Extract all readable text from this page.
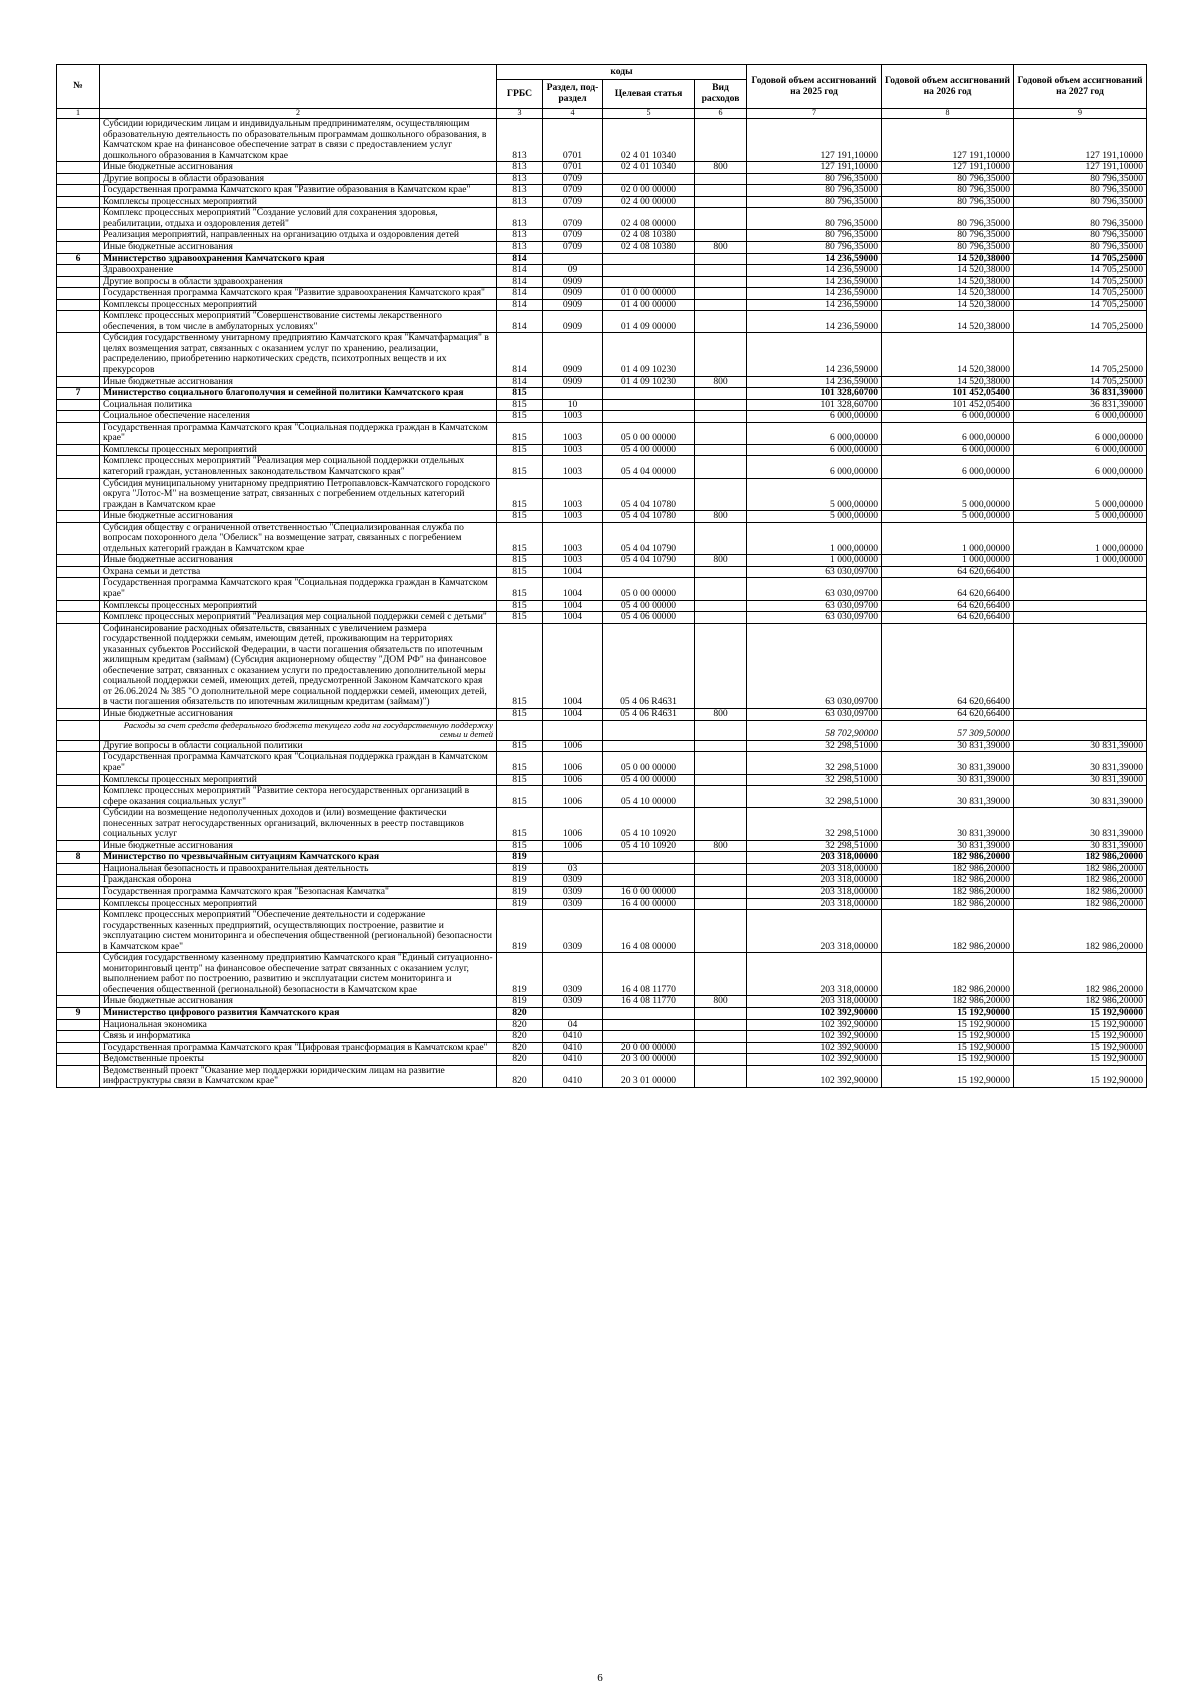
№		коды				Годовой объем ассигнований на 2025 год	Годовой объем ассигнований на 2026 год	Годовой объем ассигнований на 2027 год
		ГРБС	Раздел, под-раздел	Целевая статья	Вид расходов			
1	2	3	4	5	6	7	8	9
	Субсидии юридическим лицам и индивидуальным предпринимателям, осуществляющим образовательную деятельность по образовательным программам дошкольного образования, в Камчатском крае на финансовое обеспечение затрат в связи с предоставлением услуг дошкольного образования в Камчатском крае	813	0701	02 4 01 10340		127 191,10000	127 191,10000	127 191,10000
	Иные бюджетные ассигнования	813	0701	02 4 01 10340	800	127 191,10000	127 191,10000	127 191,10000
	Другие вопросы в области образования	813	0709			80 796,35000	80 796,35000	80 796,35000
	Государственная программа Камчатского края "Развитие образования в Камчатском крае"	813	0709	02 0 00 00000		80 796,35000	80 796,35000	80 796,35000
	Комплексы процессных мероприятий	813	0709	02 4 00 00000		80 796,35000	80 796,35000	80 796,35000
	Комплекс процессных мероприятий "Создание условий для сохранения здоровья, реабилитации, отдыха и оздоровления детей"	813	0709	02 4 08 00000		80 796,35000	80 796,35000	80 796,35000
	Реализация мероприятий, направленных на организацию отдыха и оздоровления детей	813	0709	02 4 08 10380		80 796,35000	80 796,35000	80 796,35000
	Иные бюджетные ассигнования	813	0709	02 4 08 10380	800	80 796,35000	80 796,35000	80 796,35000
6	Министерство здравоохранения Камчатского края	814				14 236,59000	14 520,38000	14 705,25000
	Здравоохранение	814	09			14 236,59000	14 520,38000	14 705,25000
	Другие вопросы в области здравоохранения	814	0909			14 236,59000	14 520,38000	14 705,25000
	Государственная программа Камчатского края "Развитие здравоохранения Камчатского края"	814	0909	01 0 00 00000		14 236,59000	14 520,38000	14 705,25000
	Комплексы процессных мероприятий	814	0909	01 4 00 00000		14 236,59000	14 520,38000	14 705,25000
	Комплекс процессных мероприятий "Совершенствование системы лекарственного обеспечения, в том числе в амбулаторных условиях"	814	0909	01 4 09 00000		14 236,59000	14 520,38000	14 705,25000
	Субсидия государственному унитарному предприятию Камчатского края "Камчатфармация" в целях возмещения затрат, связанных с оказанием услуг по хранению, реализации, распределению, приобретению наркотических средств, психотропных веществ и их прекурсоров	814	0909	01 4 09 10230		14 236,59000	14 520,38000	14 705,25000
	Иные бюджетные ассигнования	814	0909	01 4 09 10230	800	14 236,59000	14 520,38000	14 705,25000
7	Министерство социального благополучия и семейной политики Камчатского края	815				101 328,60700	101 452,05400	36 831,39000
	Социальная политика	815	10			101 328,60700	101 452,05400	36 831,39000
	Социальное обеспечение населения	815	1003			6 000,00000	6 000,00000	6 000,00000
	Государственная программа Камчатского края "Социальная поддержка граждан в Камчатском крае"	815	1003	05 0 00 00000		6 000,00000	6 000,00000	6 000,00000
	Комплексы процессных мероприятий	815	1003	05 4 00 00000		6 000,00000	6 000,00000	6 000,00000
	Комплекс процессных мероприятий "Реализация мер социальной поддержки отдельных категорий граждан, установленных законодательством Камчатского края"	815	1003	05 4 04 00000		6 000,00000	6 000,00000	6 000,00000
	Субсидия муниципальному унитарному предприятию Петропавловск-Камчатского городского округа "Лотос-М" на возмещение затрат, связанных с погребением отдельных категорий граждан в Камчатском крае	815	1003	05 4 04 10780		5 000,00000	5 000,00000	5 000,00000
	Иные бюджетные ассигнования	815	1003	05 4 04 10780	800	5 000,00000	5 000,00000	5 000,00000
	Субсидия обществу с ограниченной ответственностью "Специализированная служба по вопросам похоронного дела "Обелиск" на возмещение затрат, связанных с погребением отдельных категорий граждан в Камчатском крае	815	1003	05 4 04 10790		1 000,00000	1 000,00000	1 000,00000
	Иные бюджетные ассигнования	815	1003	05 4 04 10790	800	1 000,00000	1 000,00000	1 000,00000
	Охрана семьи и детства	815	1004			63 030,09700	64 620,66400	
	Государственная программа Камчатского края "Социальная поддержка граждан в Камчатском крае"	815	1004	05 0 00 00000		63 030,09700	64 620,66400	
	Комплексы процессных мероприятий	815	1004	05 4 00 00000		63 030,09700	64 620,66400	
	Комплекс процессных мероприятий "Реализация мер социальной поддержки семей с детьми"	815	1004	05 4 06 00000		63 030,09700	64 620,66400	
	Софинансирование расходных обязательств, связанных с увеличением размера государственной поддержки семьям, имеющим детей, проживающим на территориях указанных субъектов Российской Федерации, в части погашения обязательств по ипотечным жилищным кредитам (займам) (Субсидия акционерному обществу "ДОМ РФ" на финансовое обеспечение затрат, связанных с оказанием услуги по предоставлению дополнительной меры социальной поддержки семей, имеющих детей, предусмотренной Законом Камчатского края от 26.06.2024 № 385 "О дополнительной мере социальной поддержки семей, имеющих детей, в части погашения обязательств по ипотечным жилищным кредитам (займам)")	815	1004	05 4 06 R4631		63 030,09700	64 620,66400	
	Иные бюджетные ассигнования	815	1004	05 4 06 R4631	800	63 030,09700	64 620,66400	
	Расходы за счет средств федерального бюджета текущего года на государственную поддержку семьи и детей					58 702,90000	57 309,50000	
	Другие вопросы в области социальной политики	815	1006			32 298,51000	30 831,39000	30 831,39000
	Государственная программа Камчатского края "Социальная поддержка граждан в Камчатском крае"	815	1006	05 0 00 00000		32 298,51000	30 831,39000	30 831,39000
	Комплексы процессных мероприятий	815	1006	05 4 00 00000		32 298,51000	30 831,39000	30 831,39000
	Комплекс процессных мероприятий "Развитие сектора негосударственных организаций в сфере оказания социальных услуг"	815	1006	05 4 10 00000		32 298,51000	30 831,39000	30 831,39000
	Субсидии на возмещение недополученных доходов и (или) возмещение фактически понесенных затрат негосударственных организаций, включенных в реестр поставщиков социальных услуг	815	1006	05 4 10 10920		32 298,51000	30 831,39000	30 831,39000
	Иные бюджетные ассигнования	815	1006	05 4 10 10920	800	32 298,51000	30 831,39000	30 831,39000
8	Министерство по чрезвычайным ситуациям Камчатского края	819				203 318,00000	182 986,20000	182 986,20000
	Национальная безопасность и правоохранительная деятельность	819	03			203 318,00000	182 986,20000	182 986,20000
	Гражданская оборона	819	0309			203 318,00000	182 986,20000	182 986,20000
	Государственная программа Камчатского края "Безопасная Камчатка"	819	0309	16 0 00 00000		203 318,00000	182 986,20000	182 986,20000
	Комплексы процессных мероприятий	819	0309	16 4 00 00000		203 318,00000	182 986,20000	182 986,20000
	Комплекс процессных мероприятий "Обеспечение деятельности и содержание государственных казенных предприятий, осуществляющих построение, развитие и эксплуатацию систем мониторинга и обеспечения общественной (региональной) безопасности в Камчатском крае"	819	0309	16 4 08 00000		203 318,00000	182 986,20000	182 986,20000
	Субсидия государственному казенному предприятию Камчатского края "Единый ситуационно-мониторинговый центр" на финансовое обеспечение затрат связанных с оказанием услуг, выполнением работ по построению, развитию и эксплуатации систем мониторинга и обеспечения общественной (региональной) безопасности в Камчатском крае	819	0309	16 4 08 11770		203 318,00000	182 986,20000	182 986,20000
	Иные бюджетные ассигнования	819	0309	16 4 08 11770	800	203 318,00000	182 986,20000	182 986,20000
9	Министерство цифрового развития Камчатского края	820				102 392,90000	15 192,90000	15 192,90000
	Национальная экономика	820	04			102 392,90000	15 192,90000	15 192,90000
	Связь и информатика	820	0410			102 392,90000	15 192,90000	15 192,90000
	Государственная программа Камчатского края "Цифровая трансформация в Камчатском крае"	820	0410	20 0 00 00000		102 392,90000	15 192,90000	15 192,90000
	Ведомственные проекты	820	0410	20 3 00 00000		102 392,90000	15 192,90000	15 192,90000
	Ведомственный проект "Оказание мер поддержки юридическим лицам на развитие инфраструктуры связи в Камчатском крае"	820	0410	20 3 01 00000		102 392,90000	15 192,90000	15 192,90000
6
